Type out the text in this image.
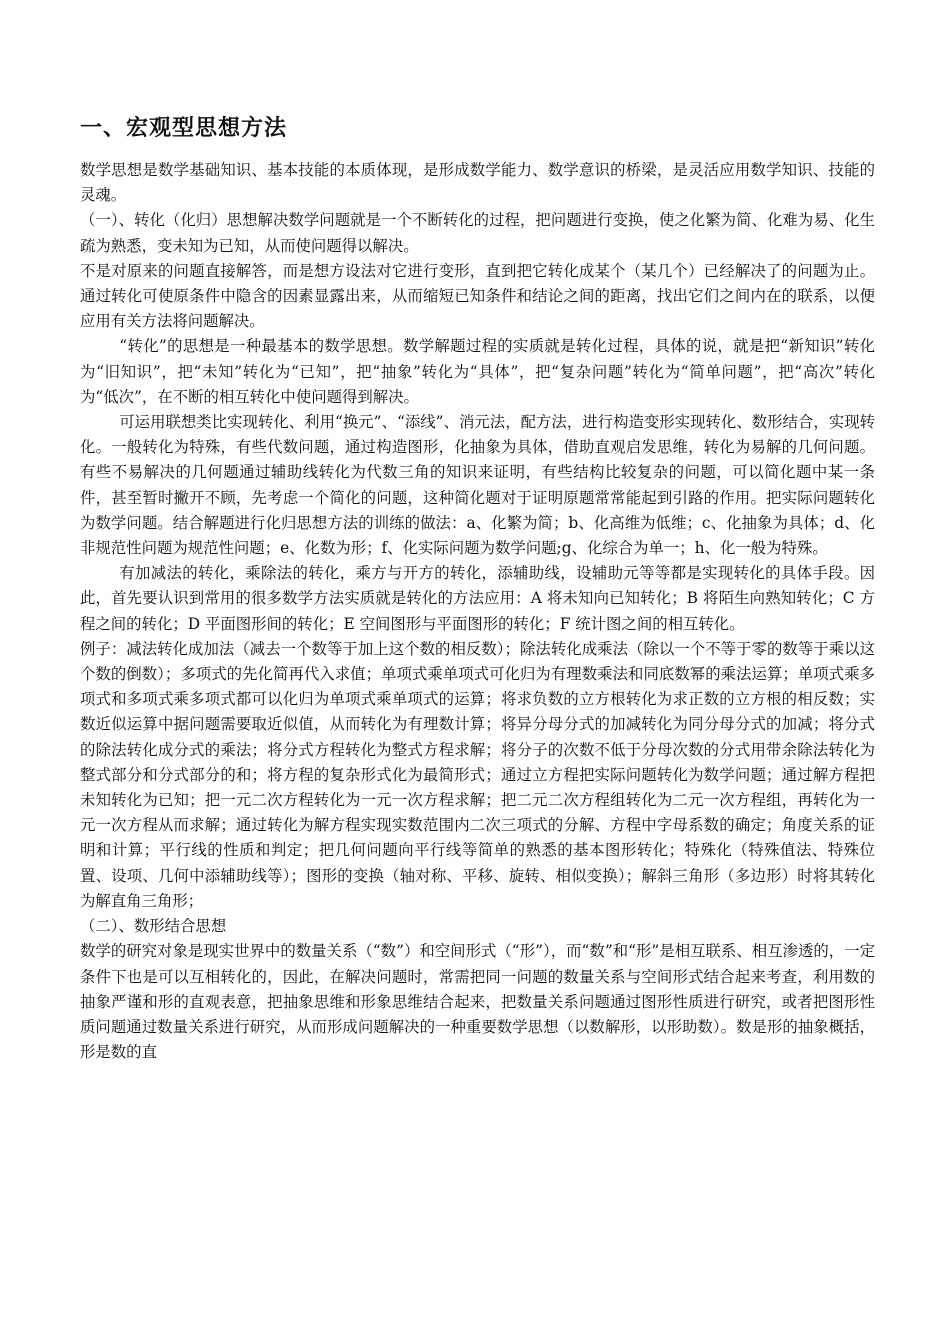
一、宏观型思想方法

数学思想是数学基础知识、基本技能的本质体现，是形成数学能力、数学意识的桥梁，是灵活应用数学知识、技能的灵魂。

（一）、转化（化归）思想解决数学问题就是一个不断转化的过程，把问题进行变换，使之化繁为简、化难为易、化生疏为熟悉，变未知为已知，从而使问题得以解决。

不是对原来的问题直接解答，而是想方设法对它进行变形，直到把它转化成某个（某几个）已经解决了的问题为止。通过转化可使原条件中隐含的因素显露出来，从而缩短已知条件和结论之间的距离，找出它们之间内在的联系，以便应用有关方法将问题解决。

“转化”的思想是一种最基本的数学思想。数学解题过程的实质就是转化过程，具体的说，就是把“新知识”转化为“旧知识”，把“未知”转化为“已知”，把“抽象”转化为“具体”，把“复杂问题”转化为“简单问题”，把“高次”转化为“低次”，在不断的相互转化中使问题得到解决。

可运用联想类比实现转化、利用“换元”、“添线”、消元法，配方法，进行构造变形实现转化、数形结合，实现转化。一般转化为特殊，有些代数问题，通过构造图形，化抽象为具体，借助直观启发思维，转化为易解的几何问题。有些不易解决的几何题通过辅助线转化为代数三角的知识来证明，有些结构比较复杂的问题，可以简化题中某一条件，甚至暂时撇开不顾，先考虑一个简化的问题，这种简化题对于证明原题常常能起到引路的作用。把实际问题转化为数学问题。结合解题进行化归思想方法的训练的做法：a、化繁为简；b、化高维为低维；c、化抽象为具体；d、化非规范性问题为规范性问题；e、化数为形；f、化实际问题为数学问题;g、化综合为单一；h、化一般为特殊。

有加减法的转化，乘除法的转化，乘方与开方的转化，添辅助线，设辅助元等等都是实现转化的具体手段。因此，首先要认识到常用的很多数学方法实质就是转化的方法应用：A 将未知向已知转化；B 将陌生向熟知转化；C 方程之间的转化；D 平面图形间的转化；E 空间图形与平面图形的转化；F 统计图之间的相互转化。

例子：减法转化成加法（减去一个数等于加上这个数的相反数）；除法转化成乘法（除以一个不等于零的数等于乘以这个数的倒数）；多项式的先化简再代入求值；单项式乘单项式可化归为有理数乘法和同底数幂的乘法运算；单项式乘多项式和多项式乘多项式都可以化归为单项式乘单项式的运算；将求负数的立方根转化为求正数的立方根的相反数；实数近似运算中据问题需要取近似值，从而转化为有理数计算；将异分母分式的加减转化为同分母分式的加减；将分式的除法转化成分式的乘法；将分式方程转化为整式方程求解；将分子的次数不低于分母次数的分式用带余除法转化为整式部分和分式部分的和；将方程的复杂形式化为最简形式；通过立方程把实际问题转化为数学问题；通过解方程把未知转化为已知；把一元二次方程转化为一元一次方程求解；把二元二次方程组转化为二元一次方程组，再转化为一元一次方程从而求解；通过转化为解方程实现实数范围内二次三项式的分解、方程中字母系数的确定；角度关系的证明和计算；平行线的性质和判定；把几何问题向平行线等简单的熟悉的基本图形转化；特殊化（特殊值法、特殊位置、设项、几何中添辅助线等）；图形的变换（轴对称、平移、旋转、相似变换）；解斜三角形（多边形）时将其转化为解直角三角形；

（二）、数形结合思想

数学的研究对象是现实世界中的数量关系（“数”）和空间形式（“形”），而“数”和“形”是相互联系、相互渗透的，一定条件下也是可以互相转化的，因此，在解决问题时，常需把同一问题的数量关系与空间形式结合起来考查，利用数的抽象严谨和形的直观表意，把抽象思维和形象思维结合起来，把数量关系问题通过图形性质进行研究，或者把图形性质问题通过数量关系进行研究，从而形成问题解决的一种重要数学思想（以数解形，以形助数）。数是形的抽象概括，形是数的直
